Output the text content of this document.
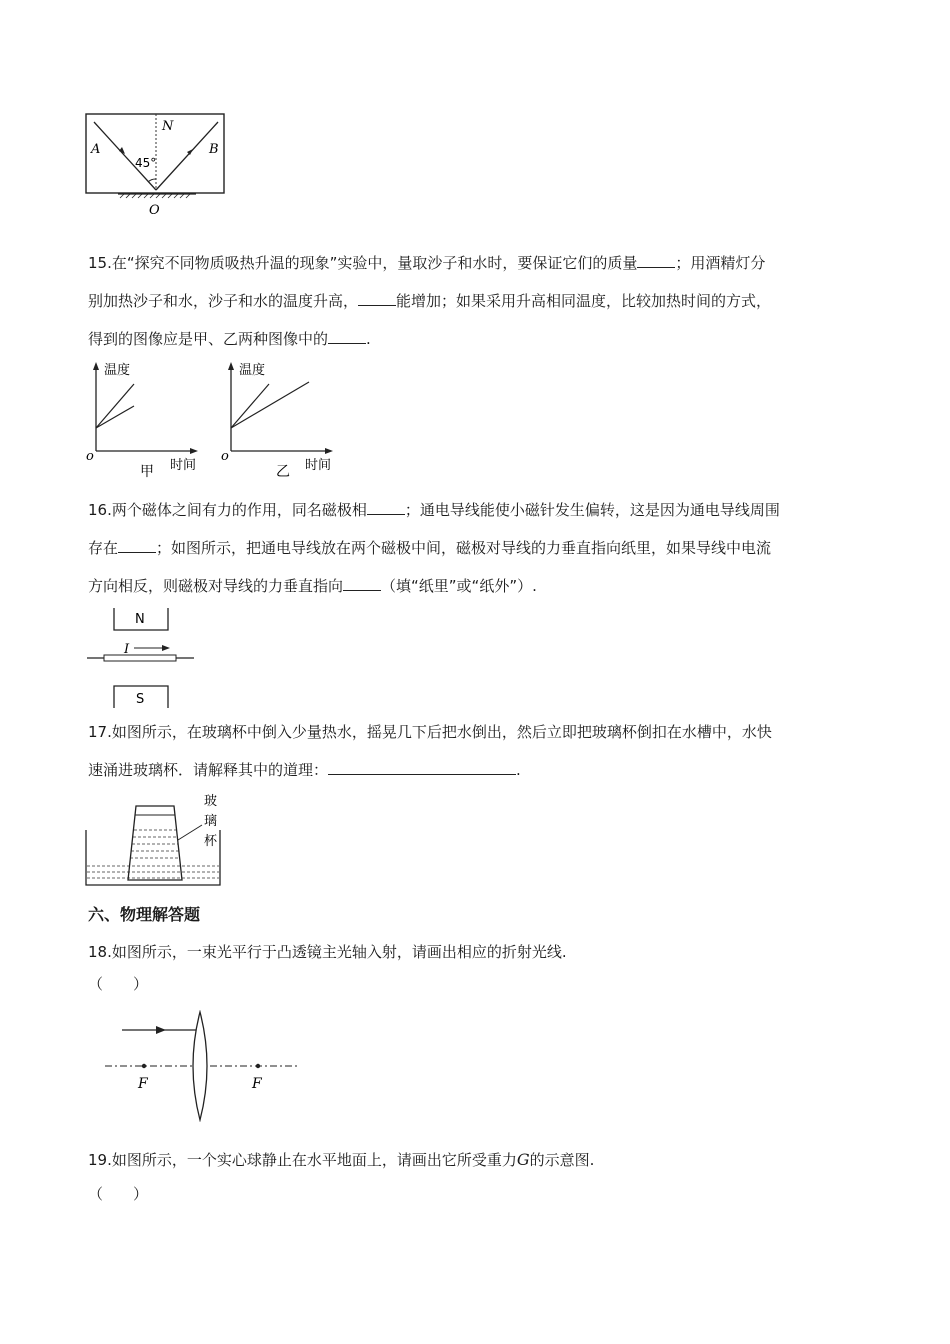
N
A	B
45°
O
15.在“探究不同物质吸热升温的现象”实验中，量取沙子和水时，要保证它们的质量	；用酒精灯分
别加热沙子和水，沙子和水的温度升高，	能增加；如果采用升高相同温度，比较加热时间的方式，
得到的图像应是甲、乙两种图像中的	.
温度
时间
o
甲
温度
时间
o
乙
16.两个磁体之间有力的作用，同名磁极相	；通电导线能使小磁针发生偏转，这是因为通电导线周围
存在	；如图所示，把通电导线放在两个磁极中间，磁极对导线的力垂直指向纸里，如果导线中电流
方向相反，则磁极对导线的力垂直指向	（填“纸里”或“纸外”）.
N
I
S
17.如图所示，在玻璃杯中倒入少量热水，摇晃几下后把水倒出，然后立即把玻璃杯倒扣在水槽中，水快
速涌进玻璃杯．请解释其中的道理：	.
玻
璃
杯
六、物理解答题
18.如图所示，一束光平行于凸透镜主光轴入射，请画出相应的折射光线.
（　　）
F	F
19.如图所示，一个实心球静止在水平地面上，请画出它所受重力G的示意图.
（　　）
